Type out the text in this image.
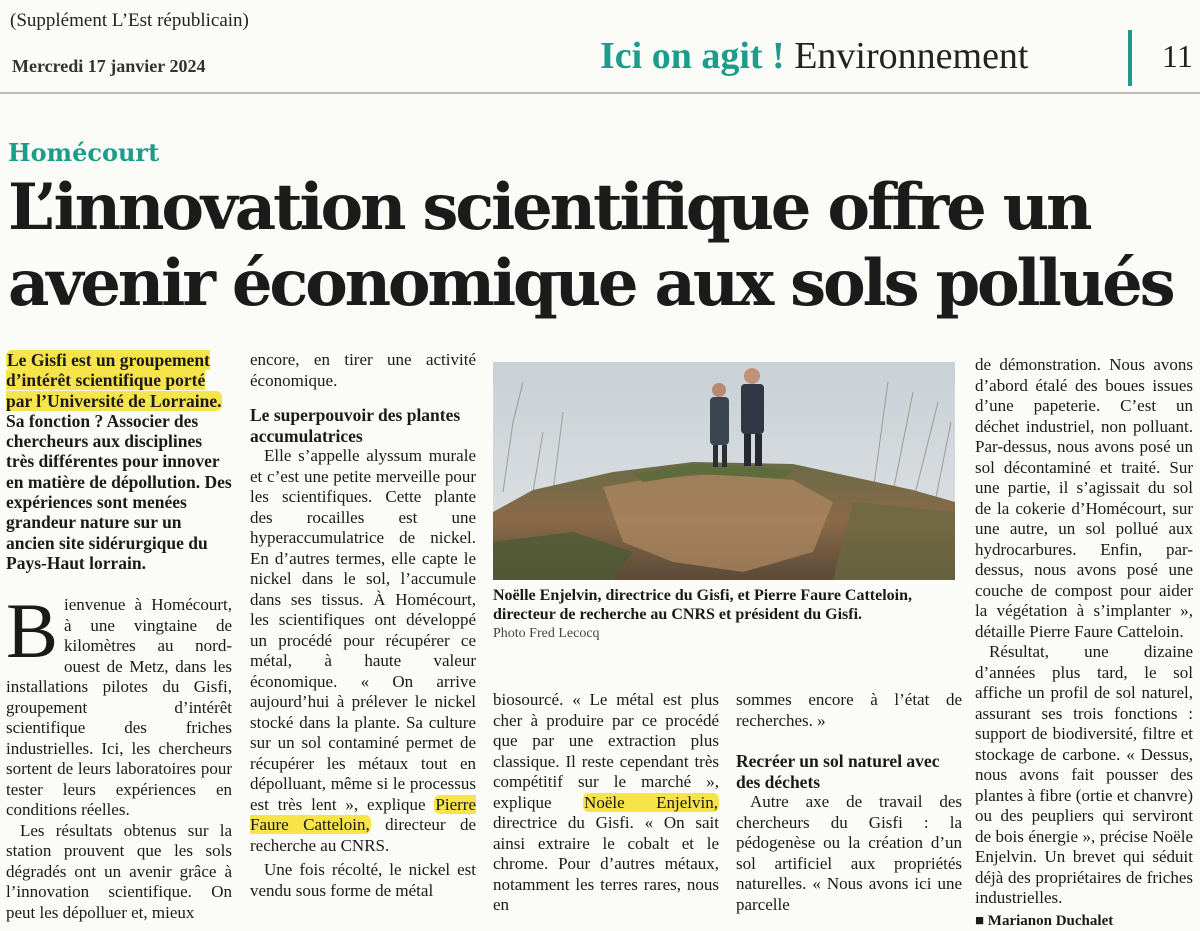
(Supplément L’Est républicain)
Mercredi 17 janvier 2024	Ici on agit ! Environnement	11
Homécourt
L’innovation scientifique offre un
avenir économique aux sols pollués

Le Gisfi est un groupement d’intérêt scientifique porté par l’Université de Lorraine. Sa fonction ? Associer des chercheurs aux disciplines très différentes pour innover en matière de dépollution. Des expériences sont menées grandeur nature sur un ancien site sidérurgique du Pays-Haut lorrain.

Bienvenue à Homécourt, à une vingtaine de kilomètres au nord-ouest de Metz, dans les installations pilotes du Gisfi, groupement d’intérêt scientifique des friches industrielles. Ici, les chercheurs sortent de leurs laboratoires pour tester leurs expériences en conditions réelles.

Les résultats obtenus sur la station prouvent que les sols dégradés ont un avenir grâce à l’innovation scientifique. On peut les dépolluer et, mieux

encore, en tirer une activité économique.

Le superpouvoir des plantes accumulatrices

Elle s’appelle alyssum murale et c’est une petite merveille pour les scientifiques. Cette plante des rocailles est une hyperaccumulatrice de nickel. En d’autres termes, elle capte le nickel dans le sol, l’accumule dans ses tissus. À Homécourt, les scientifiques ont développé un procédé pour récupérer ce métal, à haute valeur économique. « On arrive aujourd’hui à prélever le nickel stocké dans la plante. Sa culture sur un sol contaminé permet de récupérer les métaux tout en dépolluant, même si le processus est très lent », explique Pierre Faure Catteloin, directeur de recherche au CNRS.

Une fois récolté, le nickel est vendu sous forme de métal

Noëlle Enjelvin, directrice du Gisfi, et Pierre Faure Catteloin, directeur de recherche au CNRS et président du Gisfi.
Photo Fred Lecocq

biosourcé. « Le métal est plus cher à produire par ce procédé que par une extraction plus classique. Il reste cependant très compétitif sur le marché », explique Noële Enjelvin, directrice du Gisfi. « On sait ainsi extraire le cobalt et le chrome. Pour d’autres métaux, notamment les terres rares, nous en

sommes encore à l’état de recherches. »

Recréer un sol naturel avec des déchets

Autre axe de travail des chercheurs du Gisfi : la pédogenèse ou la création d’un sol artificiel aux propriétés naturelles. « Nous avons ici une parcelle

de démonstration. Nous avons d’abord étalé des boues issues d’une papeterie. C’est un déchet industriel, non polluant. Par-dessus, nous avons posé un sol décontaminé et traité. Sur une partie, il s’agissait du sol de la cokerie d’Homécourt, sur une autre, un sol pollué aux hydrocarbures. Enfin, par-dessus, nous avons posé une couche de compost pour aider la végétation à s’implanter », détaille Pierre Faure Catteloin.

Résultat, une dizaine d’années plus tard, le sol affiche un profil de sol naturel, assurant ses trois fonctions : support de biodiversité, filtre et stockage de carbone. « Dessus, nous avons fait pousser des plantes à fibre (ortie et chanvre) ou des peupliers qui serviront de bois énergie », précise Noële Enjelvin. Un brevet qui séduit déjà des propriétaires de friches industrielles.

■ Marianon Duchalet
